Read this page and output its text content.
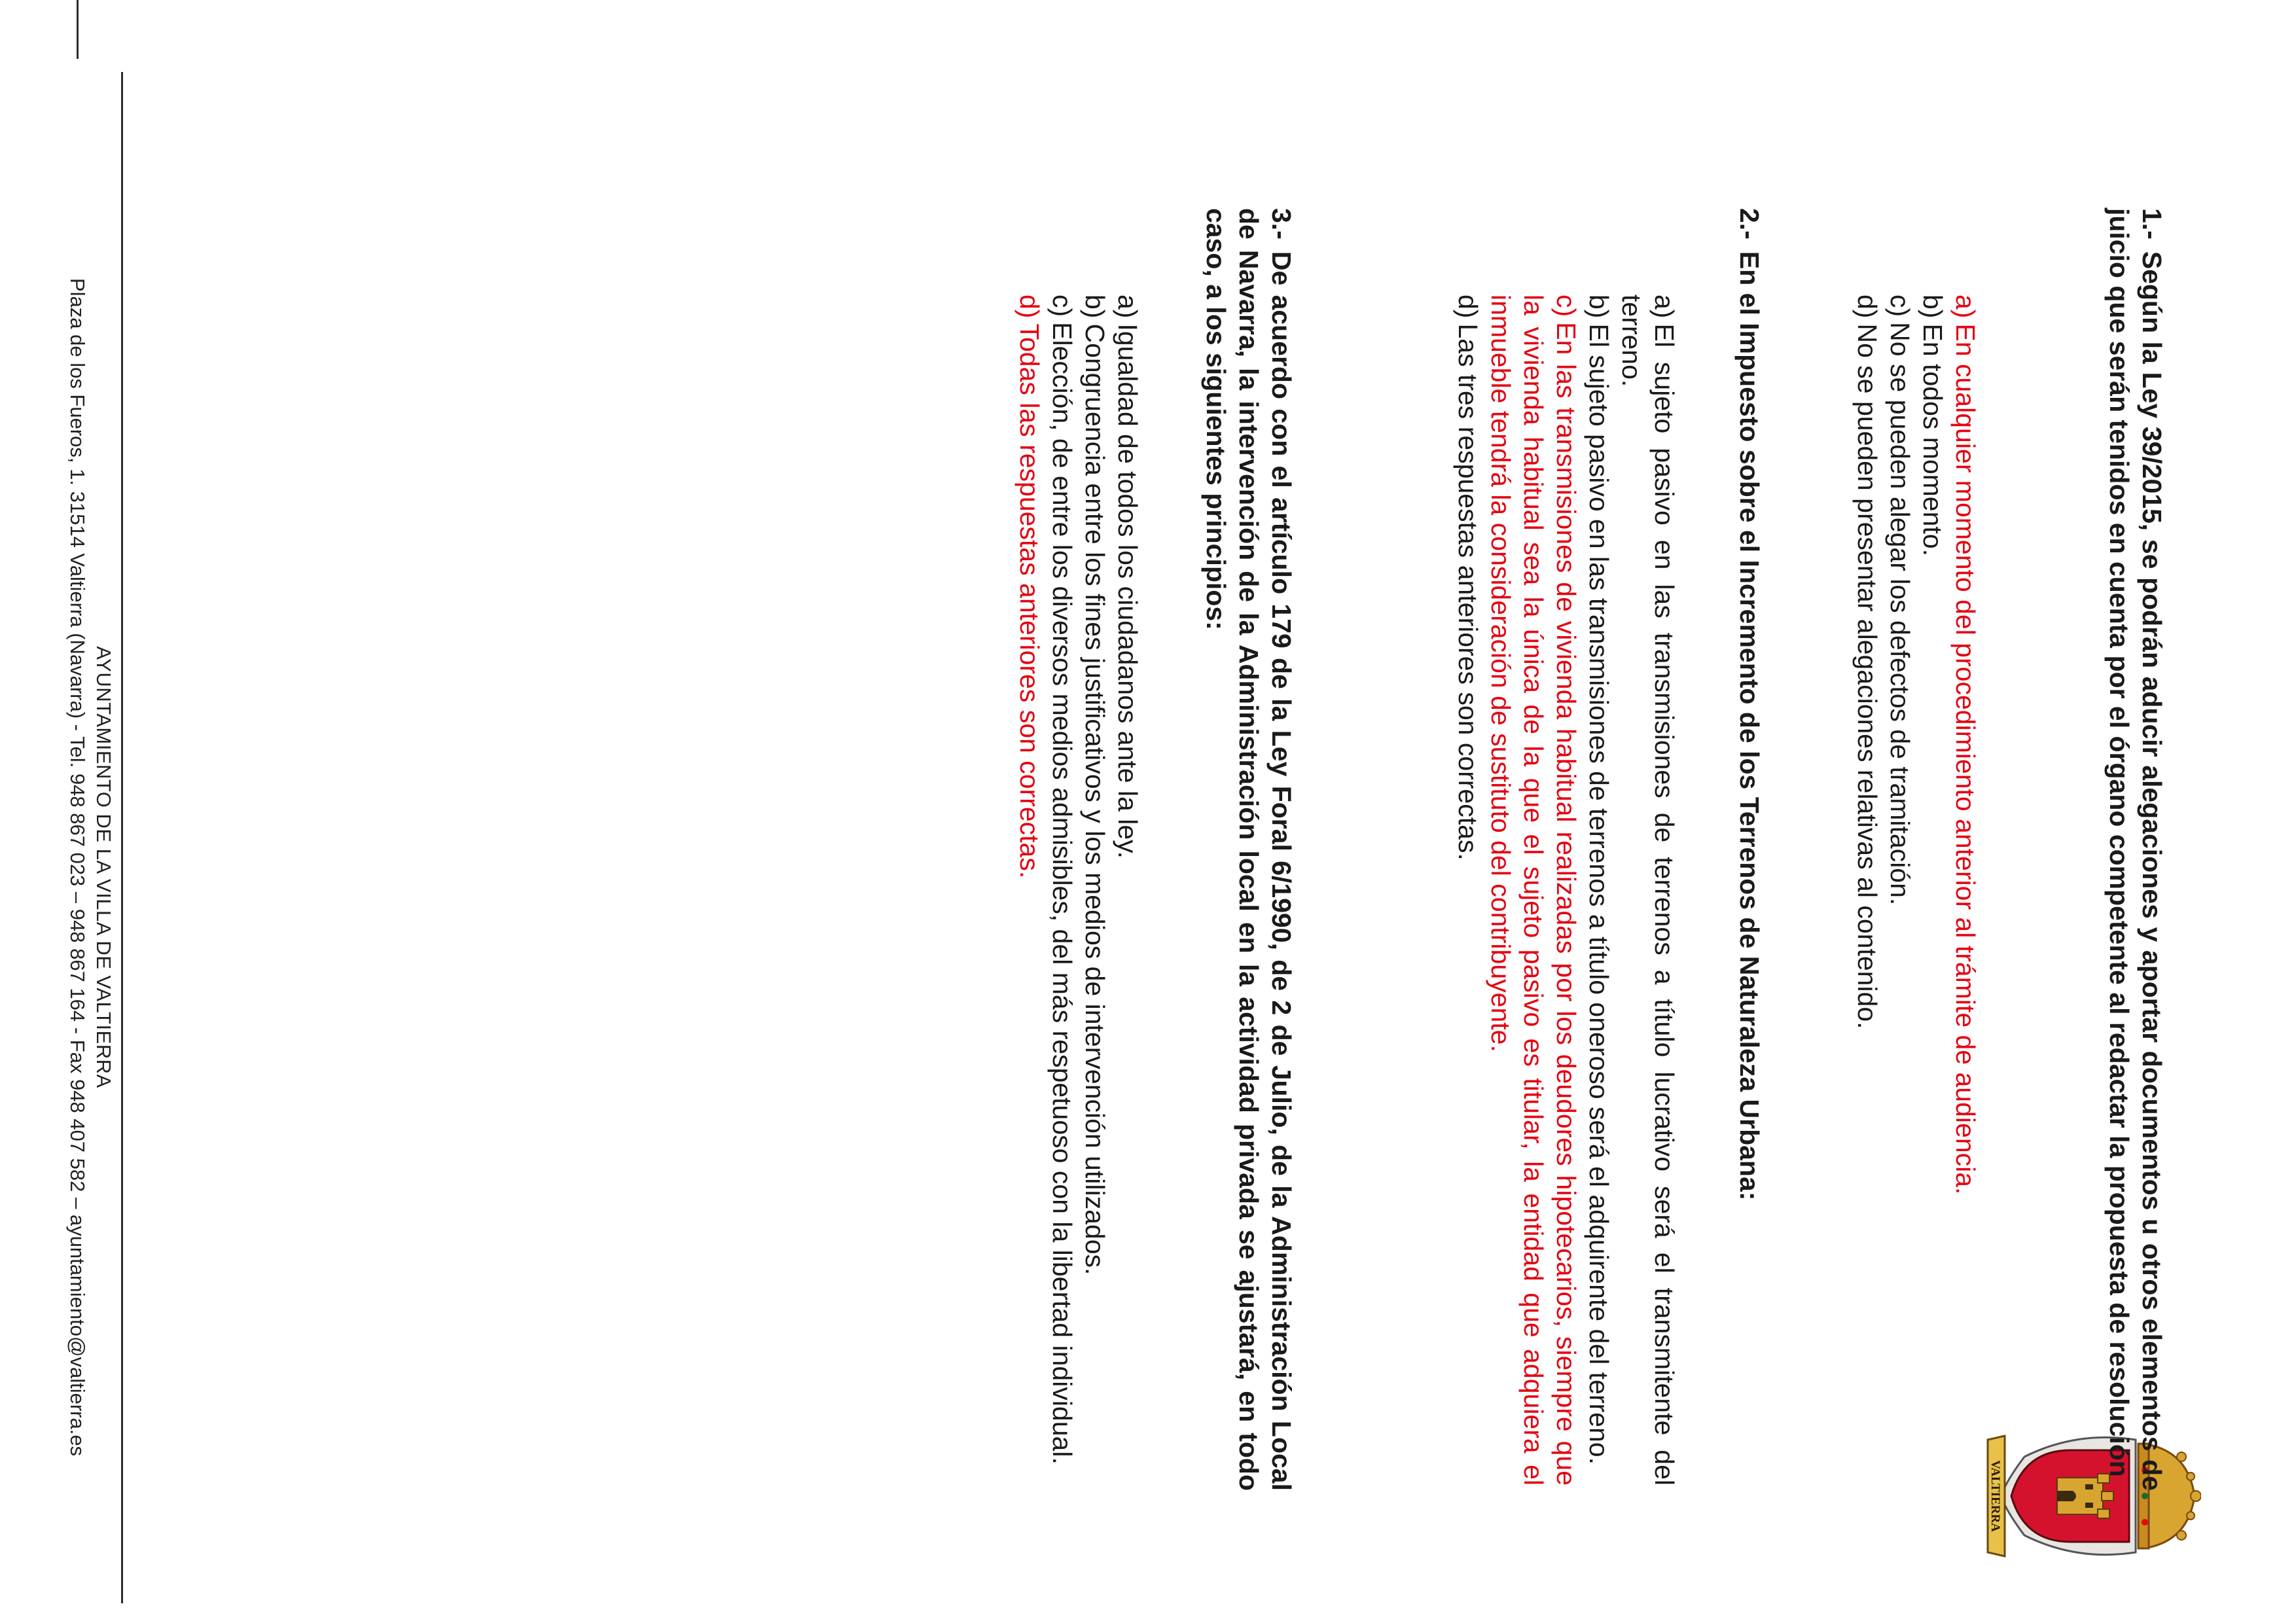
VALTIERRA

1.-Según la Ley 39/2015, se podrán aducir alegaciones y aportar documentos u otros elementos de juicio que serán tenidos en cuenta por el órgano competente al redactar la propuesta de resolución

a)En cualquier momento del procedimiento anterior al trámite de audiencia.
b)En todos momento.
c)No se pueden alegar los defectos de tramitación.
d)No se pueden presentar alegaciones relativas al contenido.

2.-En el Impuesto sobre el Incremento de los Terrenos de Naturaleza Urbana:

a)El sujeto pasivo en las transmisiones de terrenos a título lucrativo será el transmitente del terreno.
b)El sujeto pasivo en las transmisiones de terrenos a título oneroso será el adquirente del terreno.
c)En las transmisiones de vivienda habitual realizadas por los deudores hipotecarios, siempre que la vivienda habitual sea la única de la que el sujeto pasivo es titular, la entidad que adquiera el inmueble tendrá la consideración de sustituto del contribuyente.
d)Las tres respuestas anteriores son correctas.

3.-De acuerdo con el artículo 179 de la Ley Foral 6/1990, de 2 de Julio, de la Administración Local de Navarra, la intervención de la Administración local en la actividad privada se ajustará, en todo caso, a los siguientes principios:

a)Igualdad de todos los ciudadanos ante la ley.
b)Congruencia entre los fines justificativos y los medios de intervención utilizados.
c)Elección, de entre los diversos medios admisibles, del más respetuoso con la libertad individual.
d)Todas las respuestas anteriores son correctas.
AYUNTAMIENTO DE LA VILLA DE VALTIERRA
Plaza de los Fueros, 1. 31514 Valtierra (Navarra) - Tel. 948 867 023 – 948 867 164 - Fax 948 407 582 – ayuntamiento@valtierra.es
